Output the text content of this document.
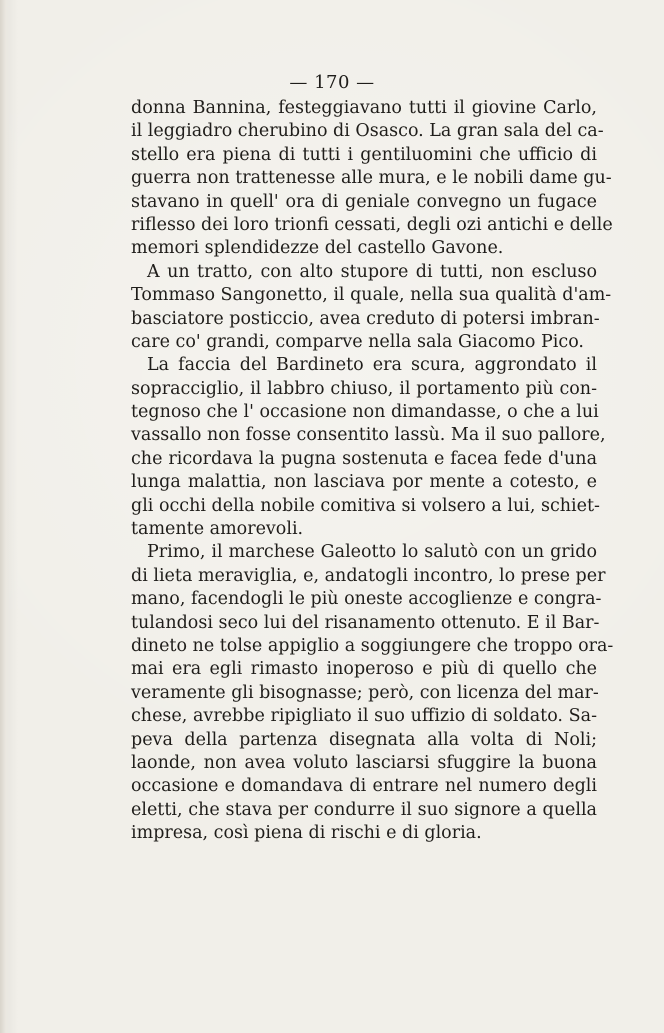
— 170 —
donna Bannina, festeggiavano tutti il giovine Carlo,
il leggiadro cherubino di Osasco. La gran sala del ca-
stello era piena di tutti i gentiluomini che ufficio di
guerra non trattenesse alle mura, e le nobili dame gu-
stavano in quell' ora di geniale convegno un fugace
riflesso dei loro trionfi cessati, degli ozi antichi e delle
memori splendidezze del castello Gavone.
A un tratto, con alto stupore di tutti, non escluso
Tommaso Sangonetto, il quale, nella sua qualità d'am-
basciatore posticcio, avea creduto di potersi imbran-
care co' grandi, comparve nella sala Giacomo Pico.
La faccia del Bardineto era scura, aggrondato il
sopracciglio, il labbro chiuso, il portamento più con-
tegnoso che l' occasione non dimandasse, o che a lui
vassallo non fosse consentito lassù. Ma il suo pallore,
che ricordava la pugna sostenuta e facea fede d'una
lunga malattia, non lasciava por mente a cotesto, e
gli occhi della nobile comitiva si volsero a lui, schiet-
tamente amorevoli.
Primo, il marchese Galeotto lo salutò con un grido
di lieta meraviglia, e, andatogli incontro, lo prese per
mano, facendogli le più oneste accoglienze e congra-
tulandosi seco lui del risanamento ottenuto. E il Bar-
dineto ne tolse appiglio a soggiungere che troppo ora-
mai era egli rimasto inoperoso e più di quello che
veramente gli bisognasse; però, con licenza del mar-
chese, avrebbe ripigliato il suo uffizio di soldato. Sa-
peva della partenza disegnata alla volta di Noli;
laonde, non avea voluto lasciarsi sfuggire la buona
occasione e domandava di entrare nel numero degli
eletti, che stava per condurre il suo signore a quella
impresa, così piena di rischi e di gloria.
